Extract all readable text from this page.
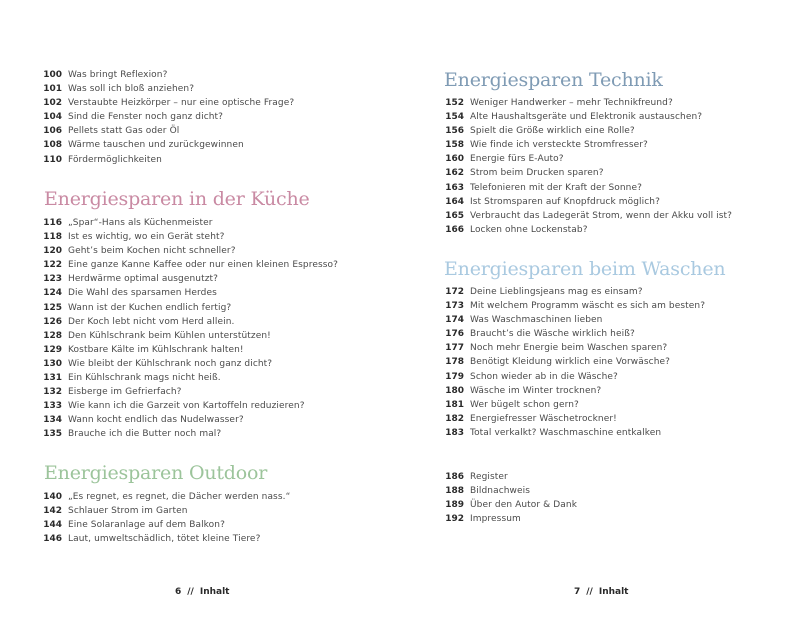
100 Was bringt Reflexion?
101 Was soll ich bloß anziehen?
102 Verstaubte Heizkörper – nur eine optische Frage?
104 Sind die Fenster noch ganz dicht?
106 Pellets statt Gas oder Öl
108 Wärme tauschen und zurückgewinnen
110 Fördermöglichkeiten
Energiesparen in der Küche
116 „Spar“-Hans als Küchenmeister
118 Ist es wichtig, wo ein Gerät steht?
120 Geht’s beim Kochen nicht schneller?
122 Eine ganze Kanne Kaffee oder nur einen kleinen Espresso?
123 Herdwärme optimal ausgenutzt?
124 Die Wahl des sparsamen Herdes
125 Wann ist der Kuchen endlich fertig?
126 Der Koch lebt nicht vom Herd allein.
128 Den Kühlschrank beim Kühlen unterstützen!
129 Kostbare Kälte im Kühlschrank halten!
130 Wie bleibt der Kühlschrank noch ganz dicht?
131 Ein Kühlschrank mags nicht heiß.
132 Eisberge im Gefrierfach?
133 Wie kann ich die Garzeit von Kartoffeln reduzieren?
134 Wann kocht endlich das Nudelwasser?
135 Brauche ich die Butter noch mal?
Energiesparen Outdoor
140 „Es regnet, es regnet, die Dächer werden nass.“
142 Schlauer Strom im Garten
144 Eine Solaranlage auf dem Balkon?
146 Laut, umweltschädlich, tötet kleine Tiere?
6 // Inhalt
Energiesparen Technik
152 Weniger Handwerker – mehr Technikfreund?
154 Alte Haushaltsgeräte und Elektronik austauschen?
156 Spielt die Größe wirklich eine Rolle?
158 Wie finde ich versteckte Stromfresser?
160 Energie fürs E-Auto?
162 Strom beim Drucken sparen?
163 Telefonieren mit der Kraft der Sonne?
164 Ist Stromsparen auf Knopfdruck möglich?
165 Verbraucht das Ladegerät Strom, wenn der Akku voll ist?
166 Locken ohne Lockenstab?
Energiesparen beim Waschen
172 Deine Lieblingsjeans mag es einsam?
173 Mit welchem Programm wäscht es sich am besten?
174 Was Waschmaschinen lieben
176 Braucht’s die Wäsche wirklich heiß?
177 Noch mehr Energie beim Waschen sparen?
178 Benötigt Kleidung wirklich eine Vorwäsche?
179 Schon wieder ab in die Wäsche?
180 Wäsche im Winter trocknen?
181 Wer bügelt schon gern?
182 Energiefresser Wäschetrockner!
183 Total verkalkt? Waschmaschine entkalken
186 Register
188 Bildnachweis
189 Über den Autor & Dank
192 Impressum
7 // Inhalt
